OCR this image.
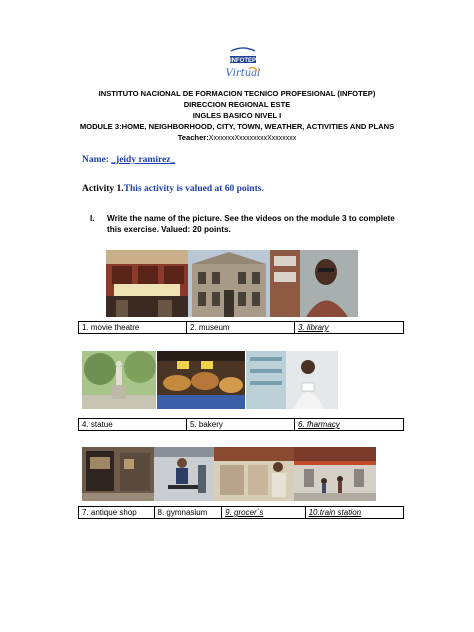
INFOTEP
Virtual
INSTITUTO NACIONAL DE FORMACION TECNICO PROFESIONAL (INFOTEP)
DIRECCION REGIONAL ESTE
INGLES BASICO NIVEL I
MODULE 3:HOME, NEIGHBORHOOD, CITY, TOWN, WEATHER, ACTIVITIES AND PLANS
Teacher:XxxxxxxXxxxxxxxxXxxxxxxx
Name: _jeidy ramirez_
Activity 1.This activity is valued at 60 points.
I. Write the name of the picture. See the videos on the module 3 to complete this exercise. Valued: 20 points.
1. movie theatre	2. museum	3. library
4. statue	5. bakery	6. fharmacy
7. antique shop	8. gymnasium	9. grocer´s	10.train station
